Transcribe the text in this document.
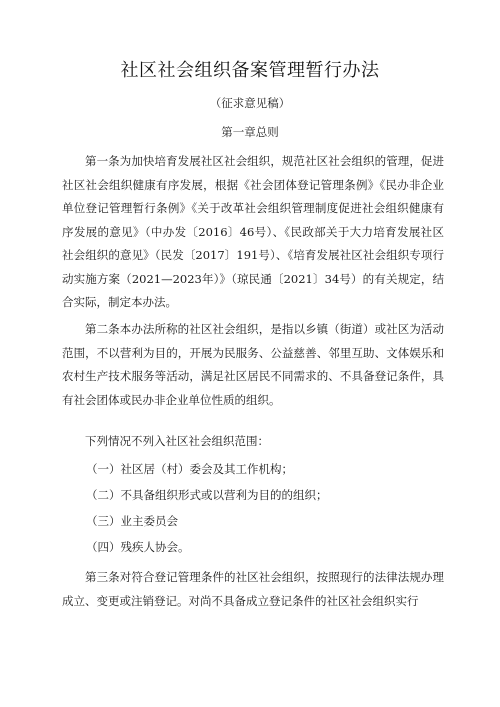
社区社会组织备案管理暂行办法
（征求意见稿）
第一章总则

第一条为加快培育发展社区社会组织，规范社区社会组织的管理，促进社区社会组织健康有序发展，根据《社会团体登记管理条例》《民办非企业单位登记管理暂行条例》《关于改革社会组织管理制度促进社会组织健康有序发展的意见》（中办发〔2016〕46号）、《民政部关于大力培育发展社区社会组织的意见》（民发〔2017〕191号）、《培育发展社区社会组织专项行动实施方案（2021—2023年）》（琼民通〔2021〕34号）的有关规定，结合实际，制定本办法。

第二条本办法所称的社区社会组织，是指以乡镇（街道）或社区为活动范围，不以营利为目的，开展为民服务、公益慈善、邻里互助、文体娱乐和农村生产技术服务等活动，满足社区居民不同需求的、不具备登记条件，具有社会团体或民办非企业单位性质的组织。

下列情况不列入社区社会组织范围：

（一）社区居（村）委会及其工作机构；

（二）不具备组织形式或以营利为目的的组织；

（三）业主委员会

（四）残疾人协会。

第三条对符合登记管理条件的社区社会组织，按照现行的法律法规办理成立、变更或注销登记。对尚不具备成立登记条件的社区社会组织实行
